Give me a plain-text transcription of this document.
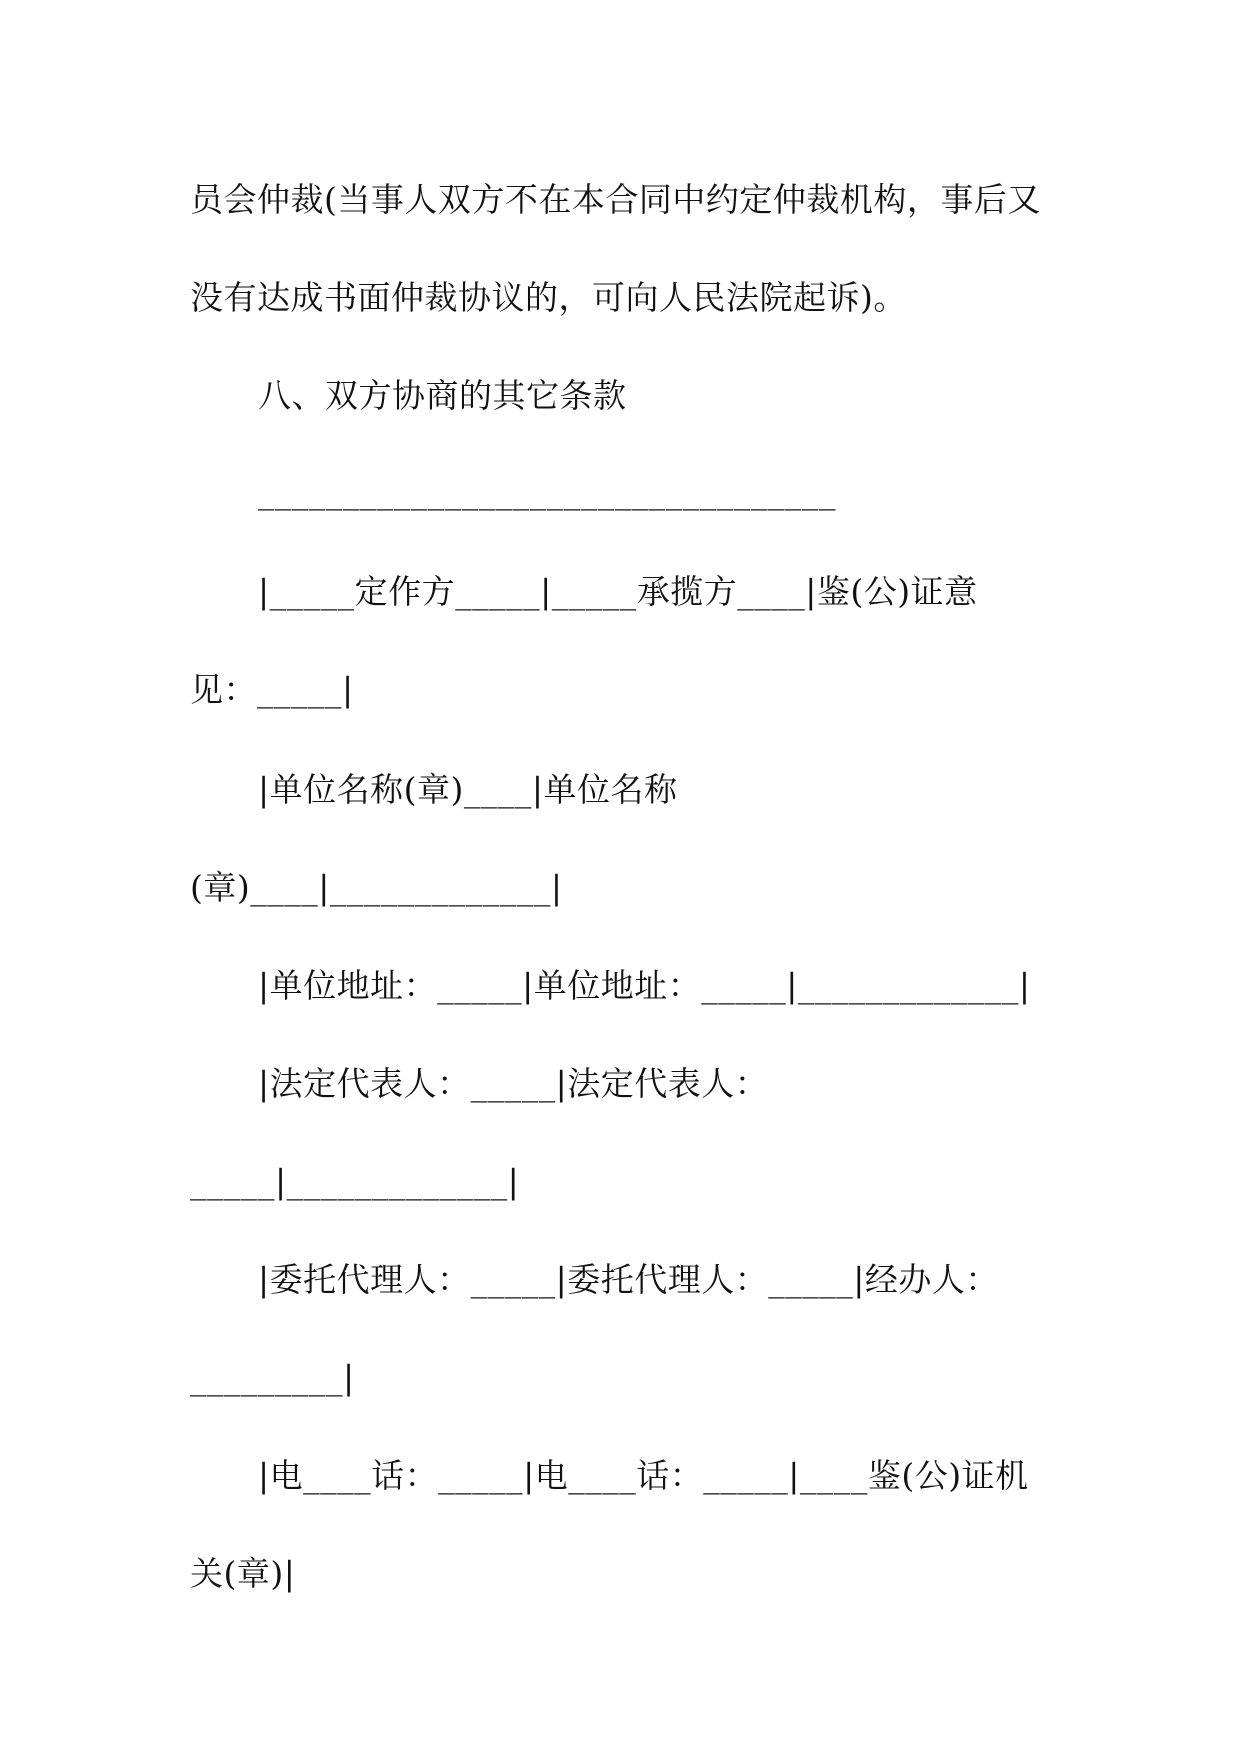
员会仲裁(当事人双方不在本合同中约定仲裁机构，事后又

没有达成书面仲裁协议的，可向人民法院起诉)。

八、双方协商的其它条款

__________________________________

|_____定作方_____|_____承揽方____|鉴(公)证意

见：_____|

|单位名称(章)____|单位名称

(章)____|_____________|

|单位地址：_____|单位地址：_____|_____________|

|法定代表人：_____|法定代表人：

_____|_____________|

|委托代理人：_____|委托代理人：_____|经办人：

_________|

|电____话：_____|电____话：_____|____鉴(公)证机

关(章)|
